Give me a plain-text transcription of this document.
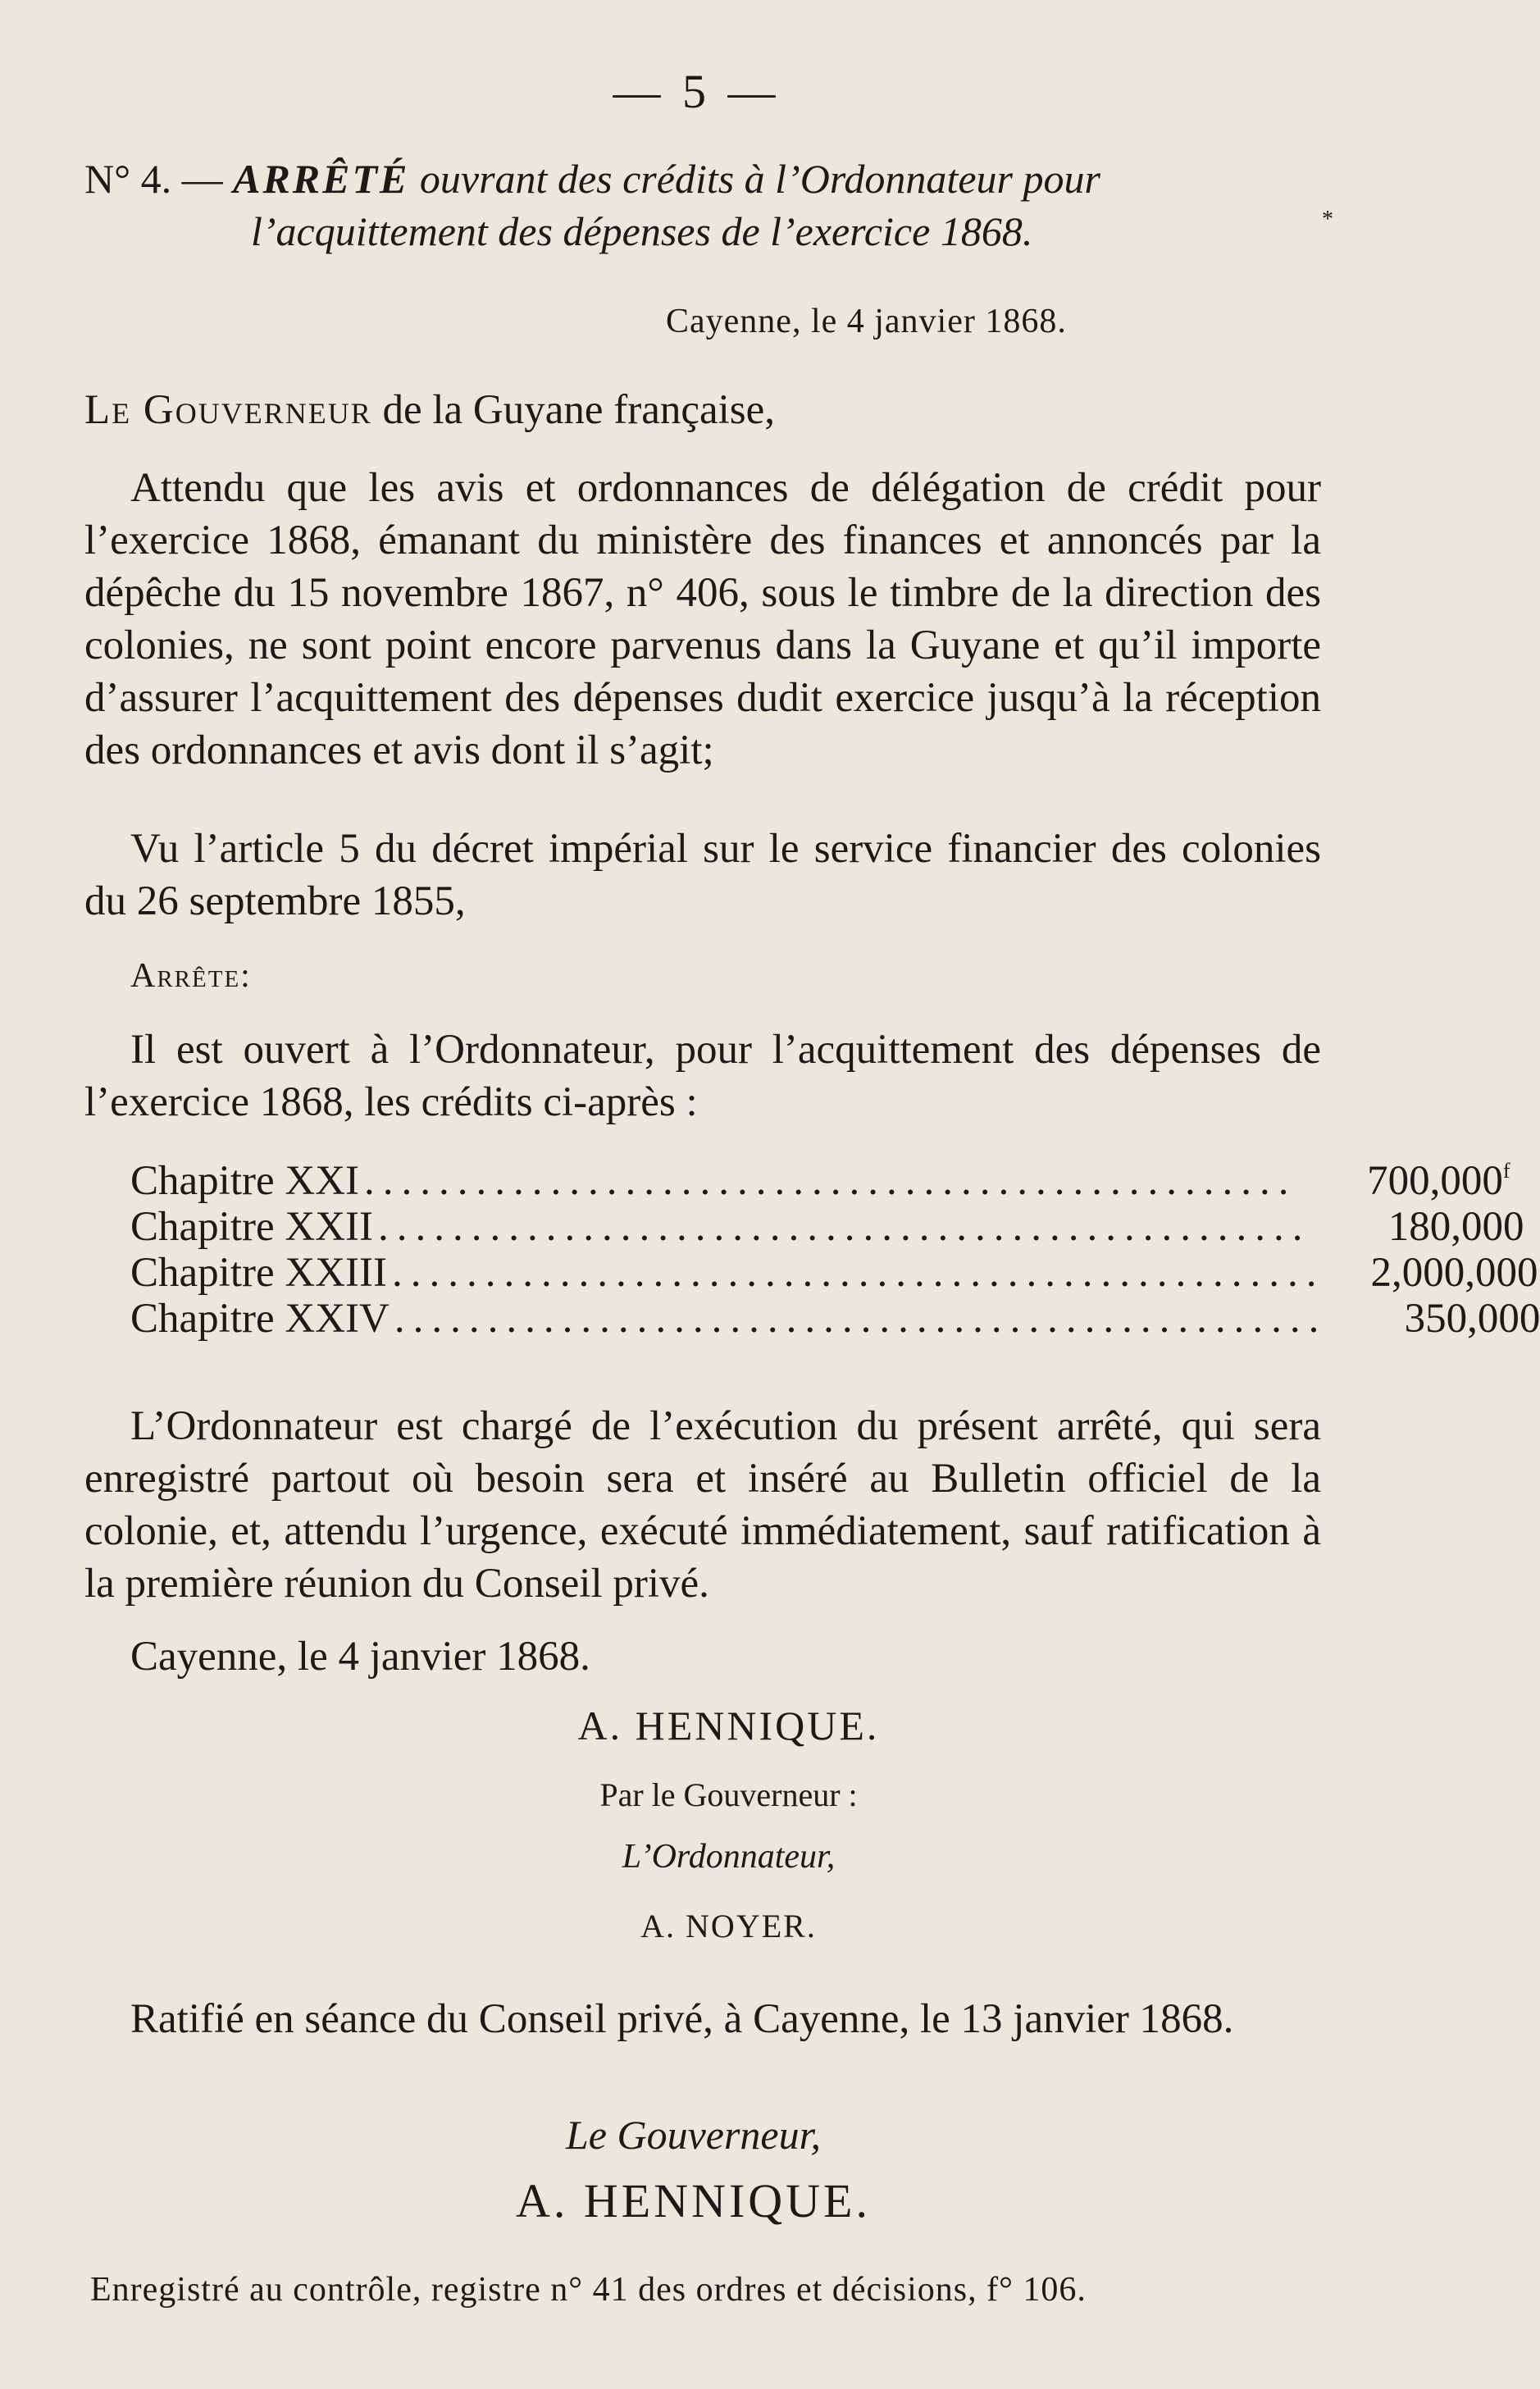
— 5 —
N° 4. — ARRÊTÉ ouvrant des crédits à l’Ordonnateur pour
l’acquittement des dépenses de l’exercice 1868.	*
Cayenne, le 4 janvier 1868.
Le Gouverneur de la Guyane française,
Attendu que les avis et ordonnances de délégation de crédit pour l’exercice 1868, émanant du ministère des finances et annoncés par la dépêche du 15 novembre 1867, n° 406, sous le timbre de la direction des colonies, ne sont point encore parvenus dans la Guyane et qu’il importe d’assurer l’acquittement des dépenses dudit exercice jusqu’à la réception des ordonnances et avis dont il s’agit;
Vu l’article 5 du décret impérial sur le service financier des colonies du 26 septembre 1855,
Arrête:
Il est ouvert à l’Ordonnateur, pour l’acquittement des dépenses de l’exercice 1868, les crédits ci-après :
Chapitre XXI ..................................................	700,000$^f$
Chapitre XXII ..................................................	180,000
Chapitre XXIII ..................................................	2,000,000
Chapitre XXIV ..................................................	350,000
L’Ordonnateur est chargé de l’exécution du présent arrêté, qui sera enregistré partout où besoin sera et inséré au Bulletin officiel de la colonie, et, attendu l’urgence, exécuté immédiatement, sauf ratification à la première réunion du Conseil privé.
Cayenne, le 4 janvier 1868.
A. HENNIQUE.
Par le Gouverneur :
L’Ordonnateur,
A. NOYER.
Ratifié en séance du Conseil privé, à Cayenne, le 13 janvier 1868.
Le Gouverneur,
A. HENNIQUE.
Enregistré au contrôle, registre n° 41 des ordres et décisions, f° 106.
